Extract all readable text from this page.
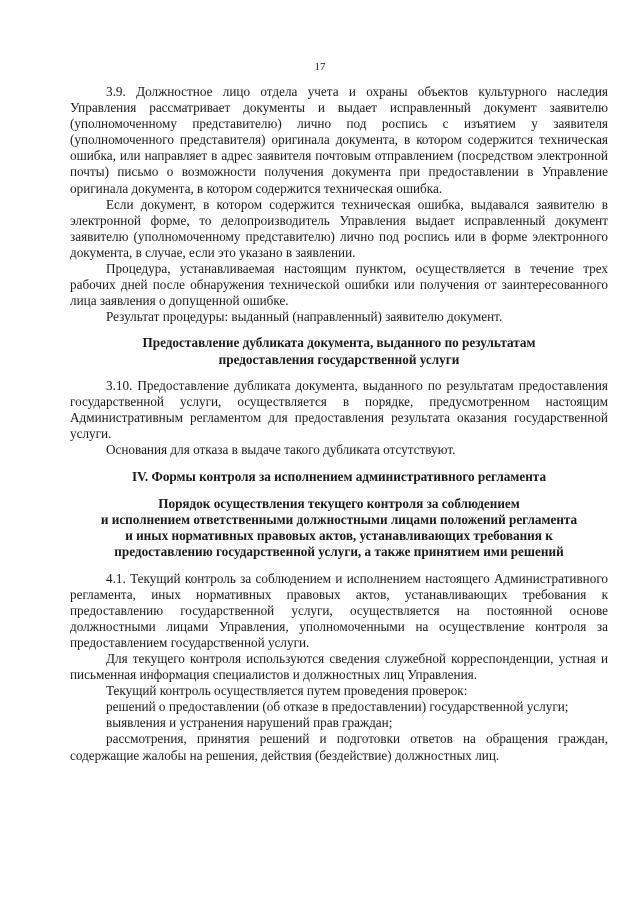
17

3.9. Должностное лицо отдела учета и охраны объектов культурного наследия Управления рассматривает документы и выдает исправленный документ заявителю (уполномоченному представителю) лично под роспись с изъятием у заявителя (уполномоченного представителя) оригинала документа, в котором содержится техническая ошибка, или направляет в адрес заявителя почтовым отправлением (посредством электронной почты) письмо о возможности получения документа при предоставлении в Управление оригинала документа, в котором содержится техническая ошибка.

Если документ, в котором содержится техническая ошибка, выдавался заявителю в электронной форме, то делопроизводитель Управления выдает исправленный документ заявителю (уполномоченному представителю) лично под роспись или в форме электронного документа, в случае, если это указано в заявлении.

Процедура, устанавливаемая настоящим пунктом, осуществляется в течение трех рабочих дней после обнаружения технической ошибки или получения от заинтересованного лица заявления о допущенной ошибке.

Результат процедуры: выданный (направленный) заявителю документ.

Предоставление дубликата документа, выданного по результатам
предоставления государственной услуги

3.10. Предоставление дубликата документа, выданного по результатам предоставления государственной услуги, осуществляется в порядке, предусмотренном настоящим Административным регламентом для предоставления результата оказания государственной услуги.

Основания для отказа в выдаче такого дубликата отсутствуют.

IV. Формы контроля за исполнением административного регламента
Порядок осуществления текущего контроля за соблюдением
и исполнением ответственными должностными лицами положений регламента
и иных нормативных правовых актов, устанавливающих требования к
предоставлению государственной услуги, а также принятием ими решений

4.1. Текущий контроль за соблюдением и исполнением настоящего Административного регламента, иных нормативных правовых актов, устанавливающих требования к предоставлению государственной услуги, осуществляется на постоянной основе должностными лицами Управления, уполномоченными на осуществление контроля за предоставлением государственной услуги.

Для текущего контроля используются сведения служебной корреспонденции, устная и письменная информация специалистов и должностных лиц Управления.

Текущий контроль осуществляется путем проведения проверок:

решений о предоставлении (об отказе в предоставлении) государственной услуги;

выявления и устранения нарушений прав граждан;

рассмотрения, принятия решений и подготовки ответов на обращения граждан, содержащие жалобы на решения, действия (бездействие) должностных лиц.
